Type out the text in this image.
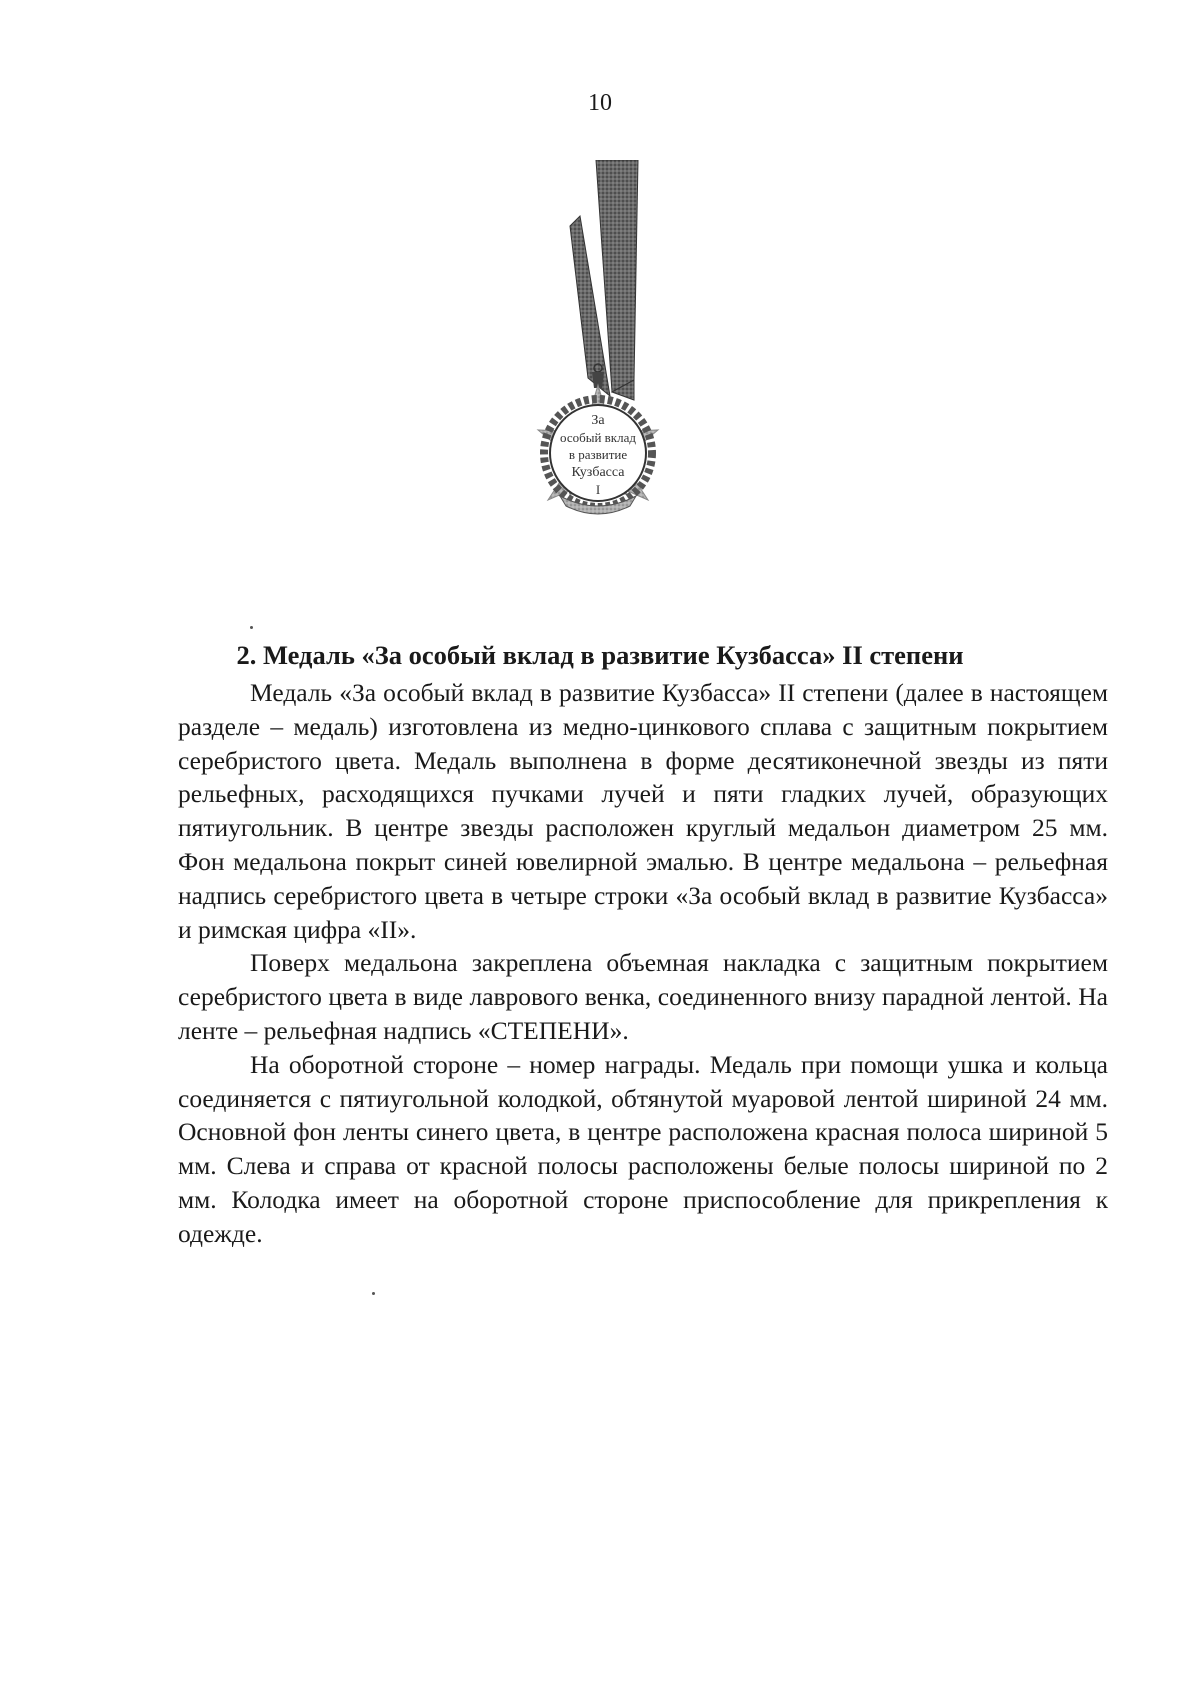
10
За
особый вклад
в развитие
Кузбасса
I
2. Медаль «За особый вклад в развитие Кузбасса» II степени

Медаль «За особый вклад в развитие Кузбасса» II степени (далее в настоящем разделе – медаль) изготовлена из медно-цинкового сплава с защитным покрытием серебристого цвета. Медаль выполнена в форме десятиконечной звезды из пяти рельефных, расходящихся пучками лучей и пяти гладких лучей, образующих пятиугольник. В центре звезды расположен круглый медальон диаметром 25 мм. Фон медальона покрыт синей ювелирной эмалью. В центре медальона – рельефная надпись серебристого цвета в четыре строки «За особый вклад в развитие Кузбасса» и римская цифра «II».

Поверх медальона закреплена объемная накладка с защитным покрытием серебристого цвета в виде лаврового венка, соединенного внизу парадной лентой. На ленте – рельефная надпись «СТЕПЕНИ».

На оборотной стороне – номер награды. Медаль при помощи ушка и кольца соединяется с пятиугольной колодкой, обтянутой муаровой лентой шириной 24 мм. Основной фон ленты синего цвета, в центре расположена красная полоса шириной 5 мм. Слева и справа от красной полосы расположены белые полосы шириной по 2 мм. Колодка имеет на оборотной стороне приспособление для прикрепления к одежде.
